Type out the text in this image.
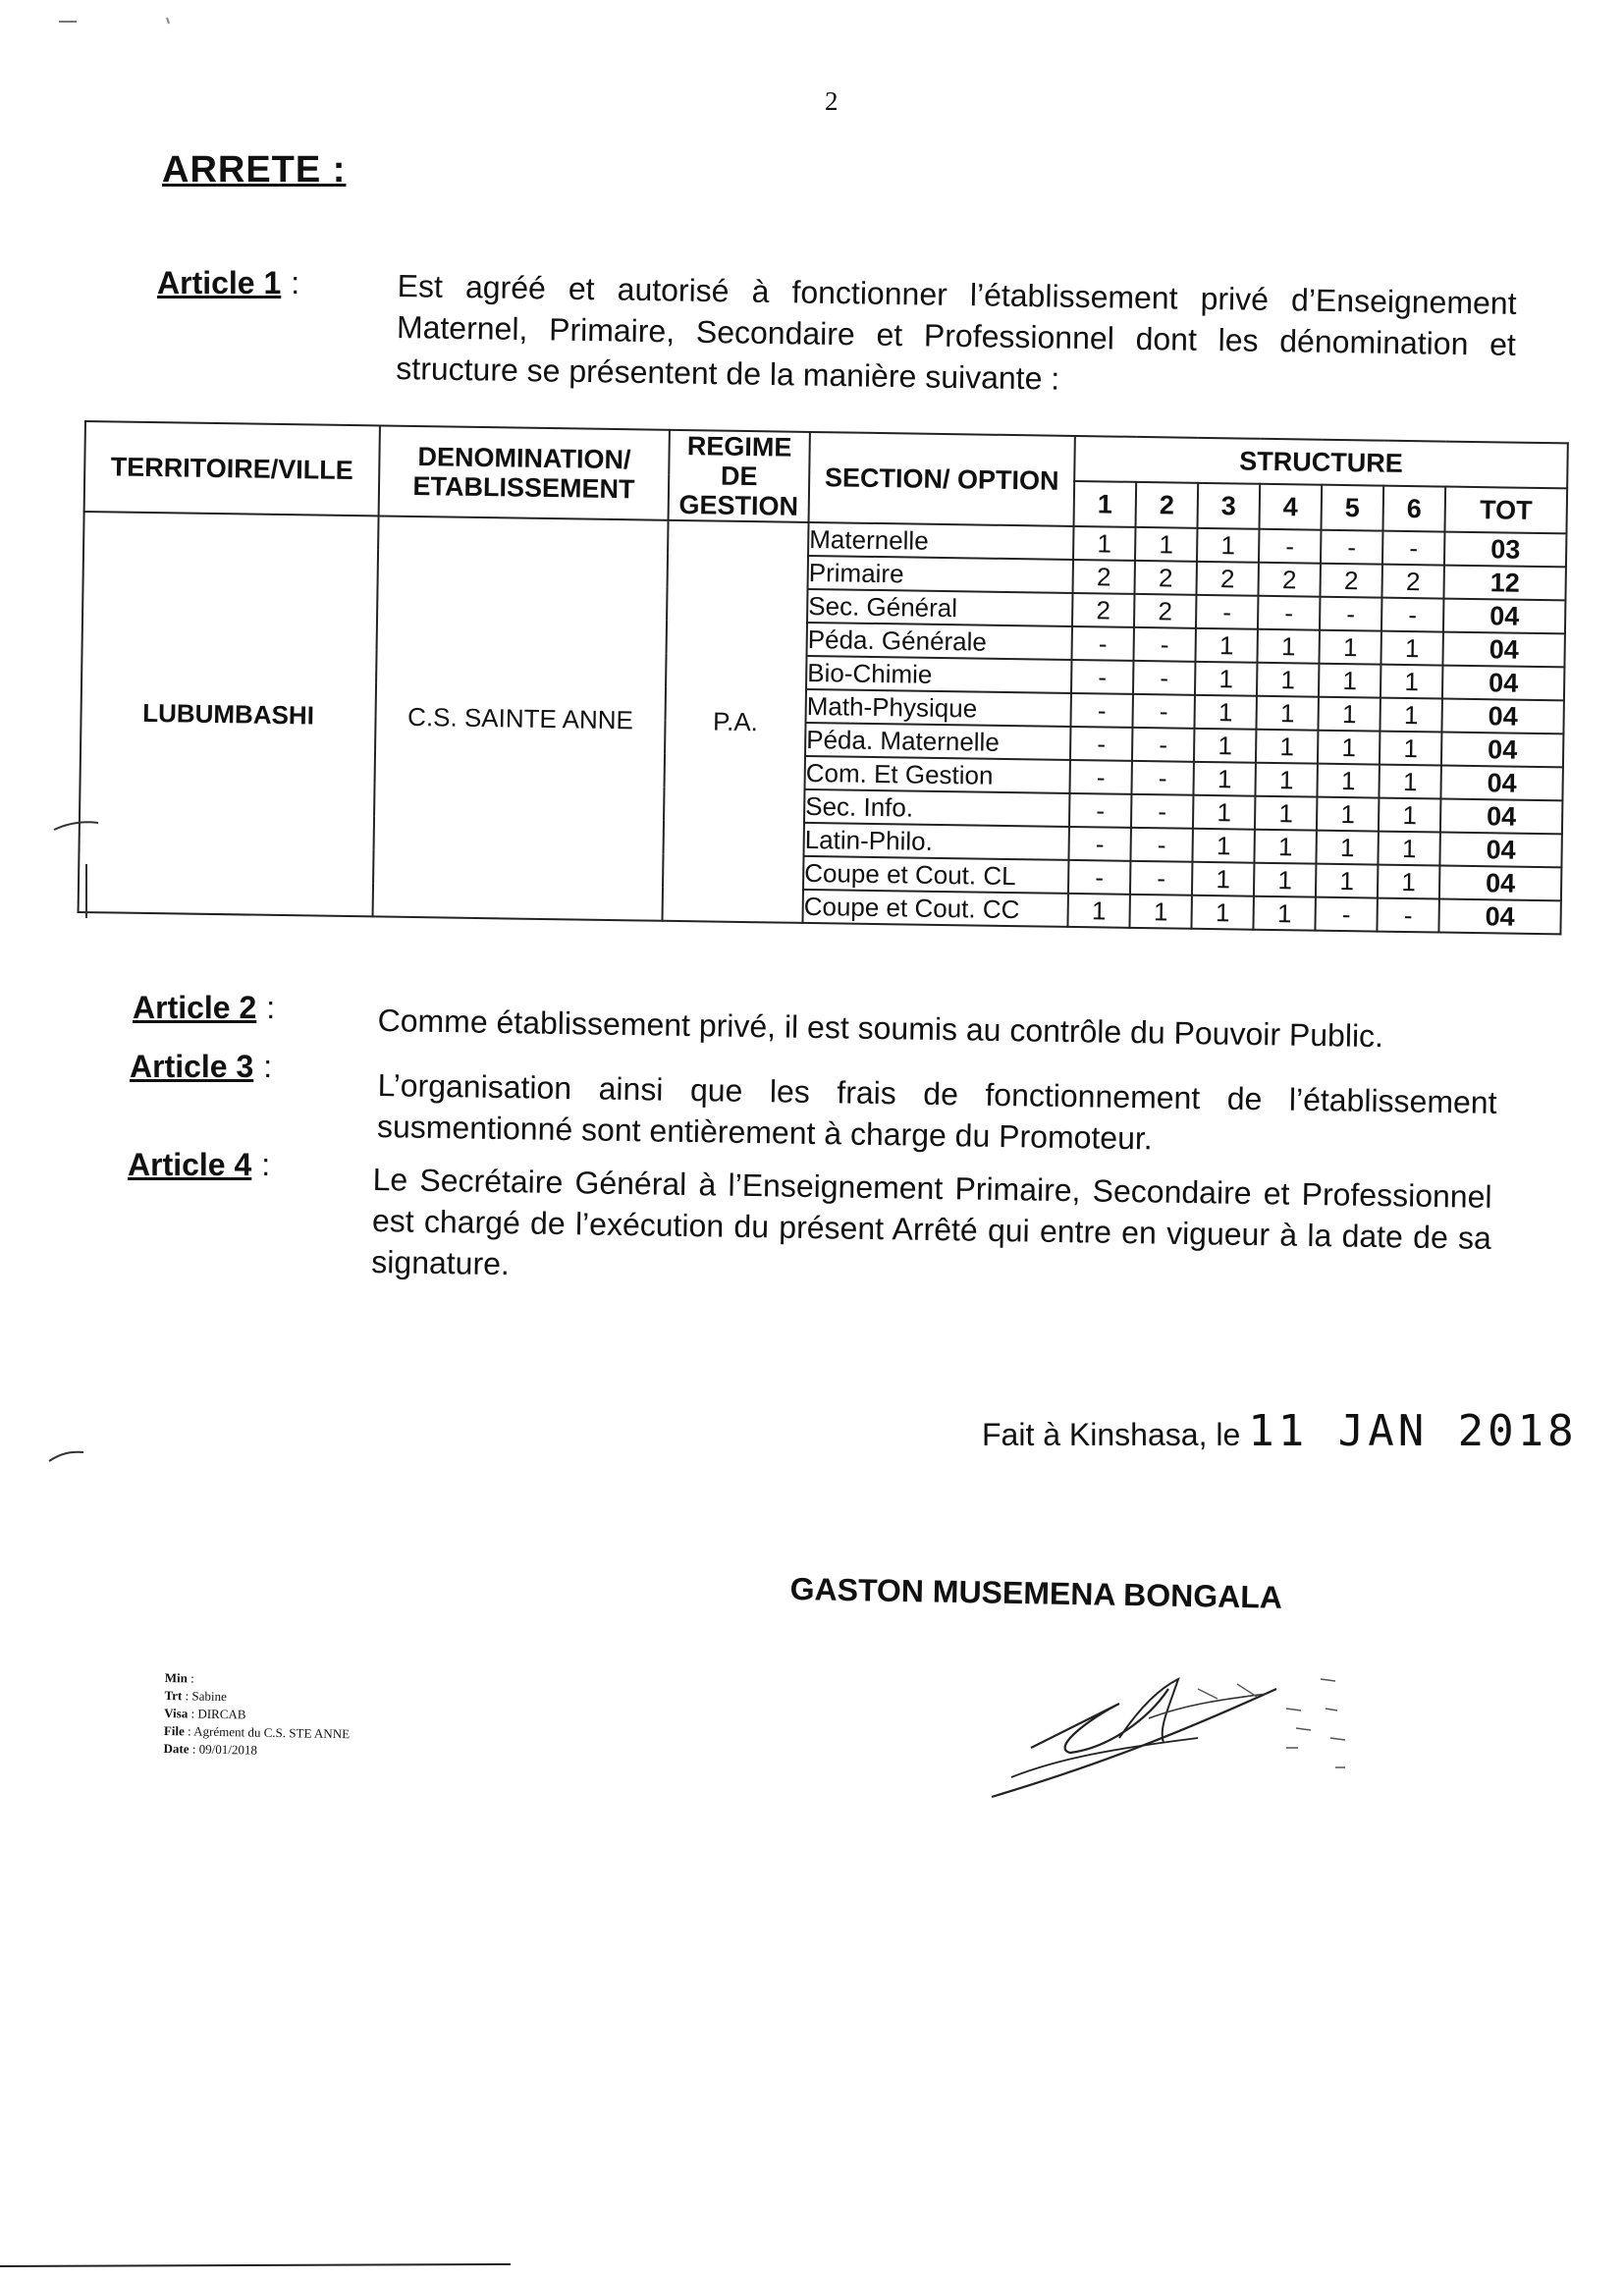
2
ARRETE :
Article 1 :	Est agréé et autorisé à fonctionner l’établissement privé d’Enseignement Maternel, Primaire, Secondaire et Professionnel dont les dénomination et structure se présentent de la manière suivante :
TERRITOIRE/VILLE	DENOMINATION/ ETABLISSEMENT	REGIME DE GESTION	SECTION/ OPTION	STRUCTURE						
				1	2	3	4	5	6	TOT
LUBUMBASHI	C.S. SAINTE ANNE	P.A.	Maternelle	1	1	1	-	-	-	03
			Primaire	2	2	2	2	2	2	12
			Sec. Général	2	2	-	-	-	-	04
			Péda. Générale	-	-	1	1	1	1	04
			Bio-Chimie	-	-	1	1	1	1	04
			Math-Physique	-	-	1	1	1	1	04
			Péda. Maternelle	-	-	1	1	1	1	04
			Com. Et Gestion	-	-	1	1	1	1	04
			Sec. Info.	-	-	1	1	1	1	04
			Latin-Philo.	-	-	1	1	1	1	04
			Coupe et Cout. CL	-	-	1	1	1	1	04
			Coupe et Cout. CC	1	1	1	1	-	-	04
Article 2 :	Comme établissement privé, il est soumis au contrôle du Pouvoir Public.
Article 3 :
L’organisation ainsi que les frais de fonctionnement de l’établissement susmentionné sont entièrement à charge du Promoteur.
Article 4 :	Le Secrétaire Général à l’Enseignement Primaire, Secondaire et Professionnel est chargé de l’exécution du présent Arrêté qui entre en vigueur à la date de sa signature.
Fait à Kinshasa, le 11 JAN 2018
GASTON MUSEMENA BONGALA
Min :
Trt : Sabine
Visa : DIRCAB
File : Agrément du C.S. STE ANNE
Date : 09/01/2018
